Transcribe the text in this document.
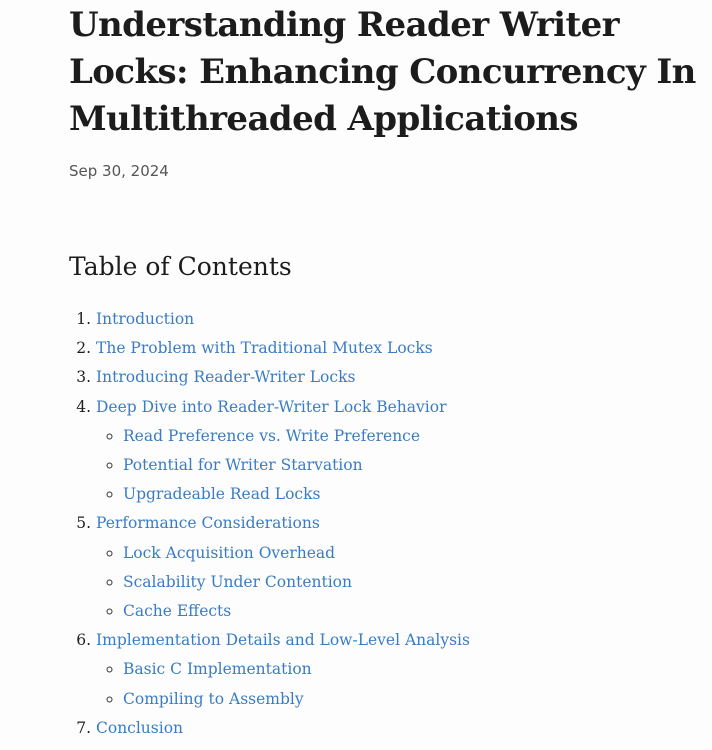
Understanding Reader Writer Locks: Enhancing Concurrency In Multithreaded Applications
Sep 30, 2024
Table of Contents
1. Introduction
2. The Problem with Traditional Mutex Locks
3. Introducing Reader-Writer Locks
4. Deep Dive into Reader-Writer Lock Behavior
◦ Read Preference vs. Write Preference
◦ Potential for Writer Starvation
◦ Upgradeable Read Locks
5. Performance Considerations
◦ Lock Acquisition Overhead
◦ Scalability Under Contention
◦ Cache Effects
6. Implementation Details and Low-Level Analysis
◦ Basic C Implementation
◦ Compiling to Assembly
7. Conclusion
